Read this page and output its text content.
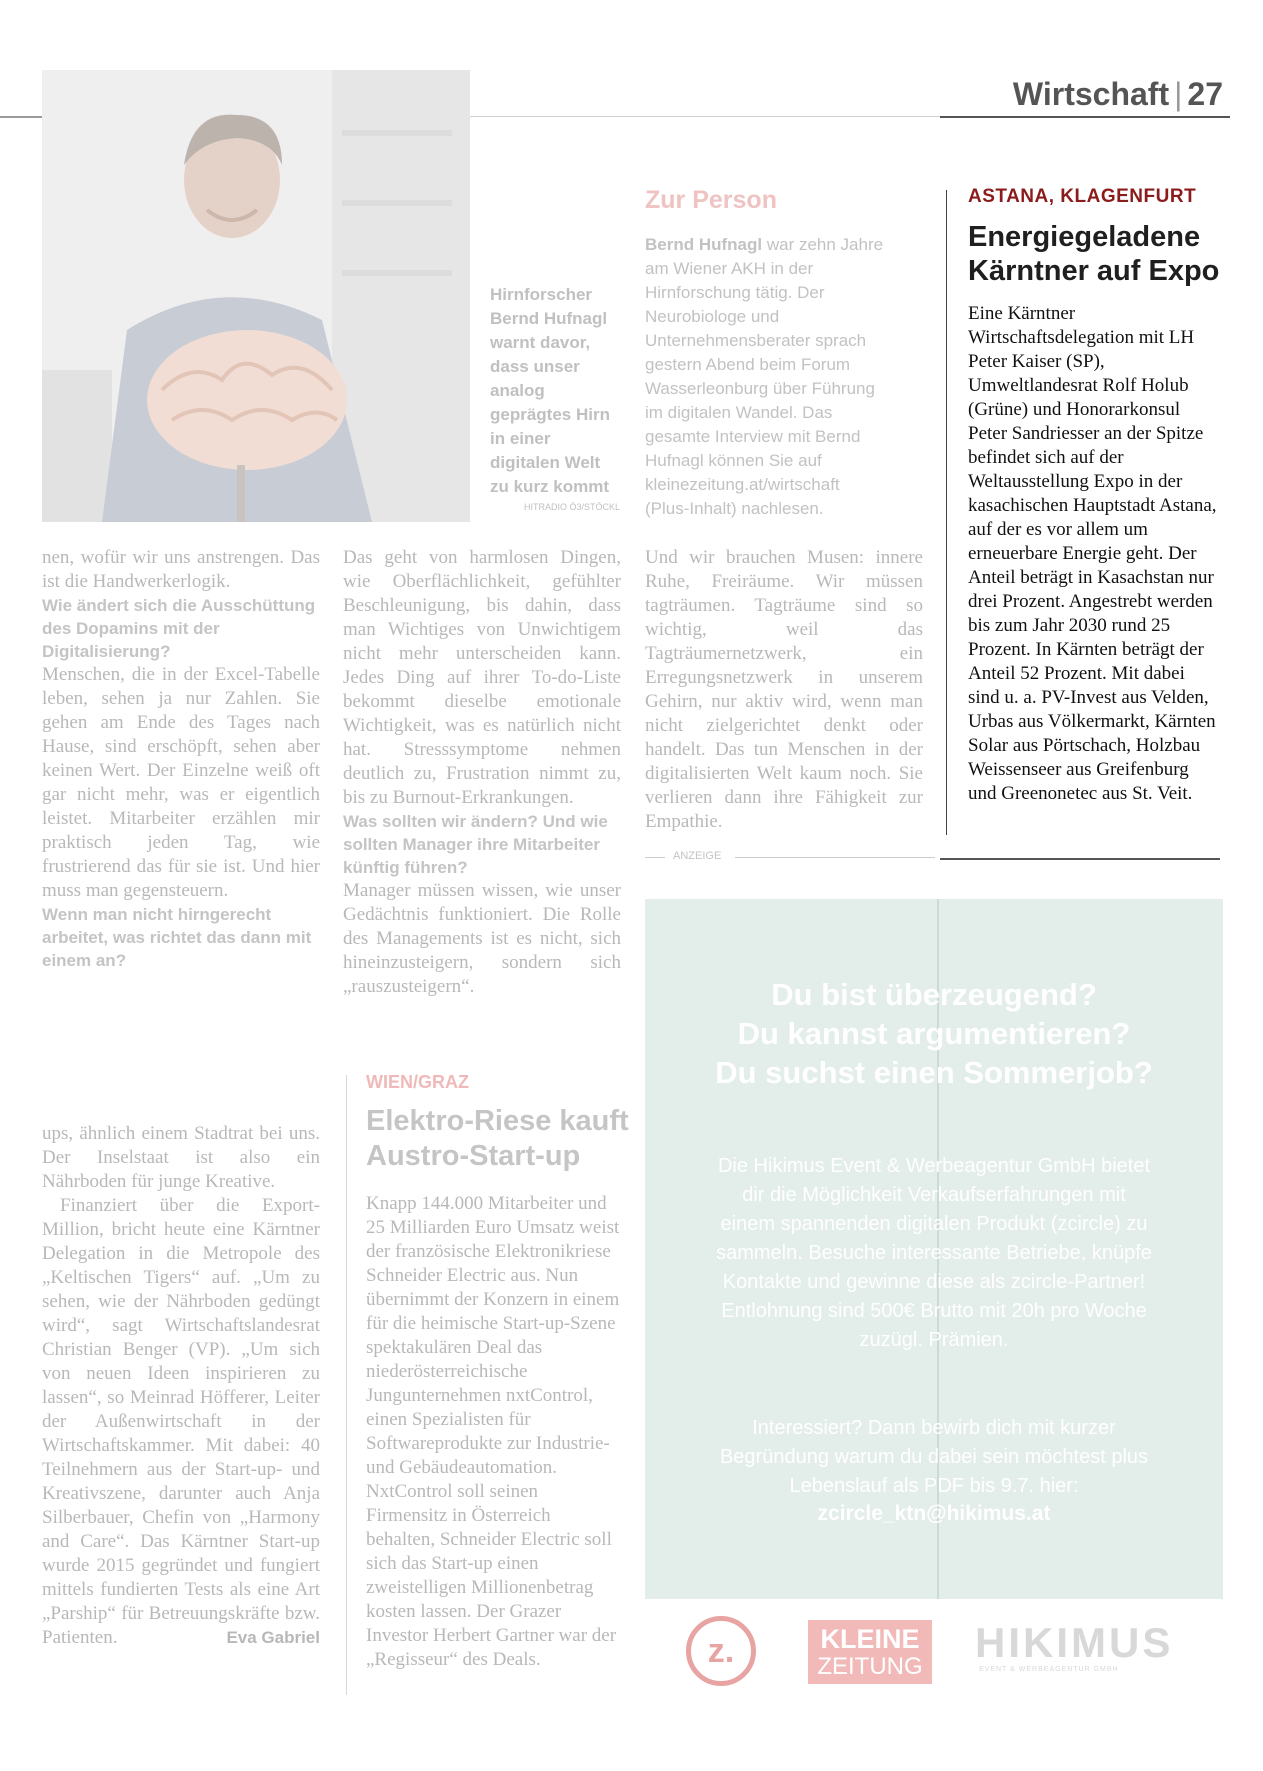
Wirtschaft | 27
Hirnforscher Bernd Hufnagl warnt davor, dass unser analog geprägtes Hirn in einer digitalen Welt zu kurz kommt
HITRADIO Ö3/STÖCKL
Zur Person
Bernd Hufnagl war zehn Jahre am Wiener AKH in der Hirnforschung tätig. Der Neurobiologe und Unternehmensberater sprach gestern Abend beim Forum Wasserleonburg über Führung im digitalen Wandel. Das gesamte Interview mit Bernd Hufnagl können Sie auf kleinezeitung.at/wirtschaft (Plus-Inhalt) nachlesen.

nen, wofür wir uns anstrengen. Das ist die Handwerkerlogik.

Wie ändert sich die Ausschüttung des Dopamins mit der Digitalisierung?

Menschen, die in der Excel-Tabelle leben, sehen ja nur Zahlen. Sie gehen am Ende des Tages nach Hause, sind erschöpft, sehen aber keinen Wert. Der Einzelne weiß oft gar nicht mehr, was er eigentlich leistet. Mitarbeiter erzählen mir praktisch jeden Tag, wie frustrierend das für sie ist. Und hier muss man gegensteuern.

Wenn man nicht hirngerecht arbeitet, was richtet das dann mit einem an?

Das geht von harmlosen Dingen, wie Oberflächlichkeit, gefühlter Beschleunigung, bis dahin, dass man Wichtiges von Unwichtigem nicht mehr unterscheiden kann. Jedes Ding auf ihrer To-do-Liste bekommt dieselbe emotionale Wichtigkeit, was es natürlich nicht hat. Stresssymptome nehmen deutlich zu, Frustration nimmt zu, bis zu Burnout-Erkrankungen.

Was sollten wir ändern? Und wie sollten Manager ihre Mitarbeiter künftig führen?

Manager müssen wissen, wie unser Gedächtnis funktioniert. Die Rolle des Managements ist es nicht, sich hineinzusteigern, sondern sich „rauszusteigern“.

Und wir brauchen Musen: innere Ruhe, Freiräume. Wir müssen tagträumen. Tagträume sind so wichtig, weil das Tagträumernetzwerk, ein Erregungsnetzwerk in unserem Gehirn, nur aktiv wird, wenn man nicht zielgerichtet denkt oder handelt. Das tun Menschen in der digitalisierten Welt kaum noch. Sie verlieren dann ihre Fähigkeit zur Empathie.

ASTANA, KLAGENFURT
Energiegeladene Kärntner auf Expo
Eine Kärntner Wirtschaftsdelegation mit LH Peter Kaiser (SP), Umweltlandesrat Rolf Holub (Grüne) und Honorarkonsul Peter Sandriesser an der Spitze befindet sich auf der Weltausstellung Expo in der kasachischen Hauptstadt Astana, auf der es vor allem um erneuerbare Energie geht. Der Anteil beträgt in Kasachstan nur drei Prozent. Angestrebt werden bis zum Jahr 2030 rund 25 Prozent. In Kärnten beträgt der Anteil 52 Prozent. Mit dabei sind u. a. PV-Invest aus Velden, Urbas aus Völkermarkt, Kärnten Solar aus Pörtschach, Holzbau Weissenseer aus Greifenburg und Greenonetec aus St. Veit.

ups, ähnlich einem Stadtrat bei uns. Der Inselstaat ist also ein Nährboden für junge Kreative.

Finanziert über die Export-Million, bricht heute eine Kärntner Delegation in die Metropole des „Keltischen Tigers“ auf. „Um zu sehen, wie der Nährboden gedüngt wird“, sagt Wirtschaftslandesrat Christian Benger (VP). „Um sich von neuen Ideen inspirieren zu lassen“, so Meinrad Höfferer, Leiter der Außenwirtschaft in der Wirtschaftskammer. Mit dabei: 40 Teilnehmern aus der Start-up- und Kreativszene, darunter auch Anja Silberbauer, Chefin von „Harmony and Care“. Das Kärntner Start-up wurde 2015 gegründet und fungiert mittels fundierten Tests als eine Art „Parship“ für Betreuungskräfte bzw. Patienten.	Eva Gabriel

WIEN/GRAZ
Elektro-Riese kauft Austro-Start-up

Knapp 144.000 Mitarbeiter und 25 Milliarden Euro Umsatz weist der französische Elektronikriese Schneider Electric aus. Nun übernimmt der Konzern in einem für die heimische Start-up-Szene spektakulären Deal das niederösterreichische Jungunternehmen nxtControl, einen Spezialisten für Softwareprodukte zur Industrie- und Gebäudeautomation. NxtControl soll seinen Firmensitz in Österreich behalten, Schneider Electric soll sich das Start-up einen zweistelligen Millionenbetrag kosten lassen. Der Grazer Investor Herbert Gartner war der „Regisseur“ des Deals.

ANZEIGE
Du bist überzeugend?
Du kannst argumentieren?
Du suchst einen Sommerjob?
Die Hikimus Event & Werbeagentur GmbH bietet dir die Möglichkeit Verkaufserfahrungen mit einem spannenden digitalen Produkt (zcircle) zu sammeln. Besuche interessante Betriebe, knüpfe Kontakte und gewinne diese als zcircle-Partner! Entlohnung sind 500€ Brutto mit 20h pro Woche zuzügl. Prämien.
Interessiert? Dann bewirb dich mit kurzer Begründung warum du dabei sein möchtest plus Lebenslauf als PDF bis 9.7. hier:
zcircle_ktn@hikimus.at
z.	KLEINE
ZEITUNG
HIKIMUS
EVENT & WERBEAGENTUR GMBH
